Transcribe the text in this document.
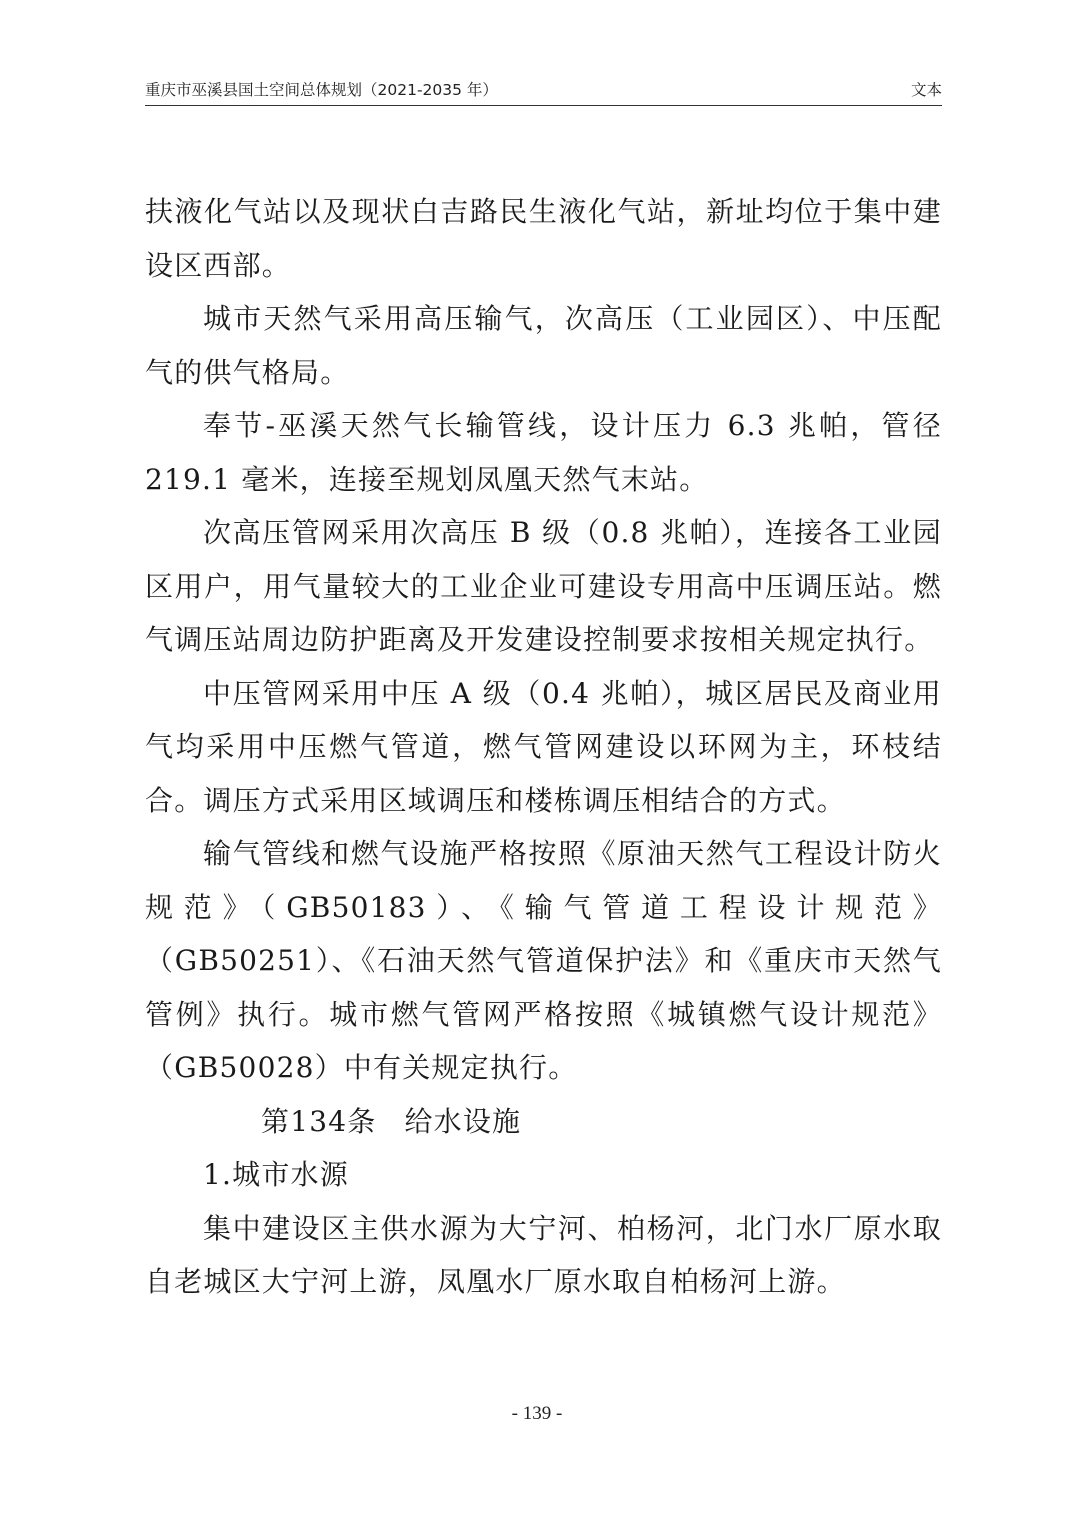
重庆市巫溪县国土空间总体规划（2021-2035 年）	文本

扶液化气站以及现状白吉路民生液化气站，新址均位于集中建设区西部。

城市天然气采用高压输气，次高压（工业园区）、中压配气的供气格局。

奉节-巫溪天然气长输管线，设计压力 6.3 兆帕，管径 219.1 毫米，连接至规划凤凰天然气末站。

次高压管网采用次高压 B 级（0.8 兆帕），连接各工业园区用户，用气量较大的工业企业可建设专用高中压调压站。燃气调压站周边防护距离及开发建设控制要求按相关规定执行。

中压管网采用中压 A 级（0.4 兆帕），城区居民及商业用气均采用中压燃气管道，燃气管网建设以环网为主，环枝结合。调压方式采用区域调压和楼栋调压相结合的方式。

输气管线和燃气设施严格按照《原油天然气工程设计防火规范》（GB50183）、《输气管道工程设计规范》（GB50251）、《石油天然气管道保护法》和《重庆市天然气管例》执行。城市燃气管网严格按照《城镇燃气设计规范》（GB50028）中有关规定执行。

第134条 给水设施

1.城市水源

集中建设区主供水源为大宁河、柏杨河，北门水厂原水取自老城区大宁河上游，凤凰水厂原水取自柏杨河上游。

- 139 -
